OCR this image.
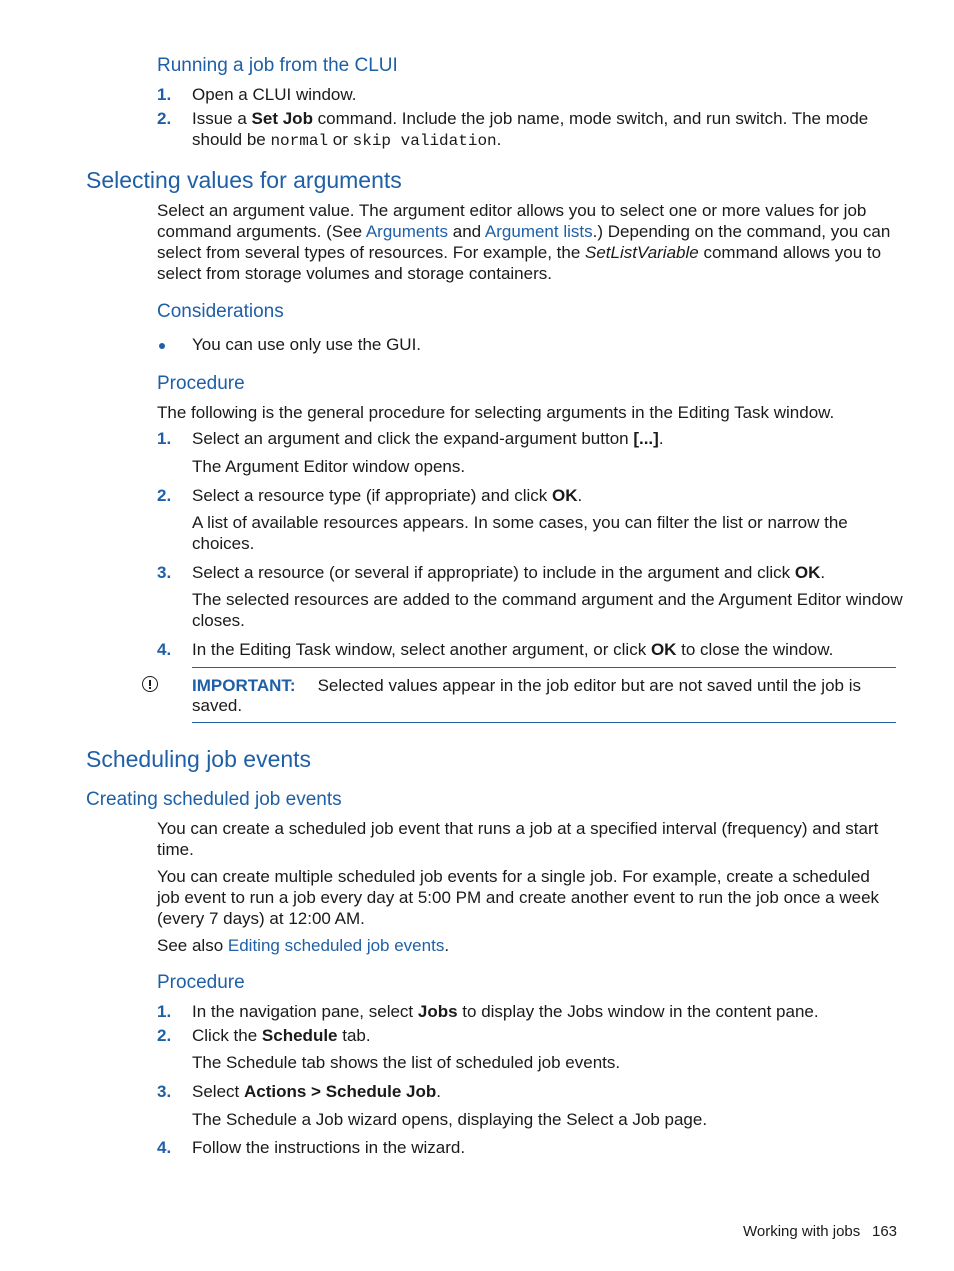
Running a job from the CLUI
1. Open a CLUI window.
2. Issue a Set Job command. Include the job name, mode switch, and run switch. The mode
should be normal or skip validation.
Selecting values for arguments
Select an argument value. The argument editor allows you to select one or more values for job
command arguments. (See Arguments and Argument lists.) Depending on the command, you can
select from several types of resources. For example, the SetListVariable command allows you to
select from storage volumes and storage containers.
Considerations
You can use only use the GUI.
Procedure
The following is the general procedure for selecting arguments in the Editing Task window.
1. Select an argument and click the expand-argument button [...].
The Argument Editor window opens.
2. Select a resource type (if appropriate) and click OK.
A list of available resources appears. In some cases, you can filter the list or narrow the
choices.
3. Select a resource (or several if appropriate) to include in the argument and click OK.
The selected resources are added to the command argument and the Argument Editor window
closes.
4. In the Editing Task window, select another argument, or click OK to close the window.
IMPORTANT: Selected values appear in the job editor but are not saved until the job is
saved.
Scheduling job events
Creating scheduled job events
You can create a scheduled job event that runs a job at a specified interval (frequency) and start
time.
You can create multiple scheduled job events for a single job. For example, create a scheduled
job event to run a job every day at 5:00 PM and create another event to run the job once a week
(every 7 days) at 12:00 AM.
See also Editing scheduled job events.
Procedure
1. In the navigation pane, select Jobs to display the Jobs window in the content pane.
2. Click the Schedule tab.
The Schedule tab shows the list of scheduled job events.
3. Select Actions > Schedule Job.
The Schedule a Job wizard opens, displaying the Select a Job page.
4. Follow the instructions in the wizard.
Working with jobs 163
